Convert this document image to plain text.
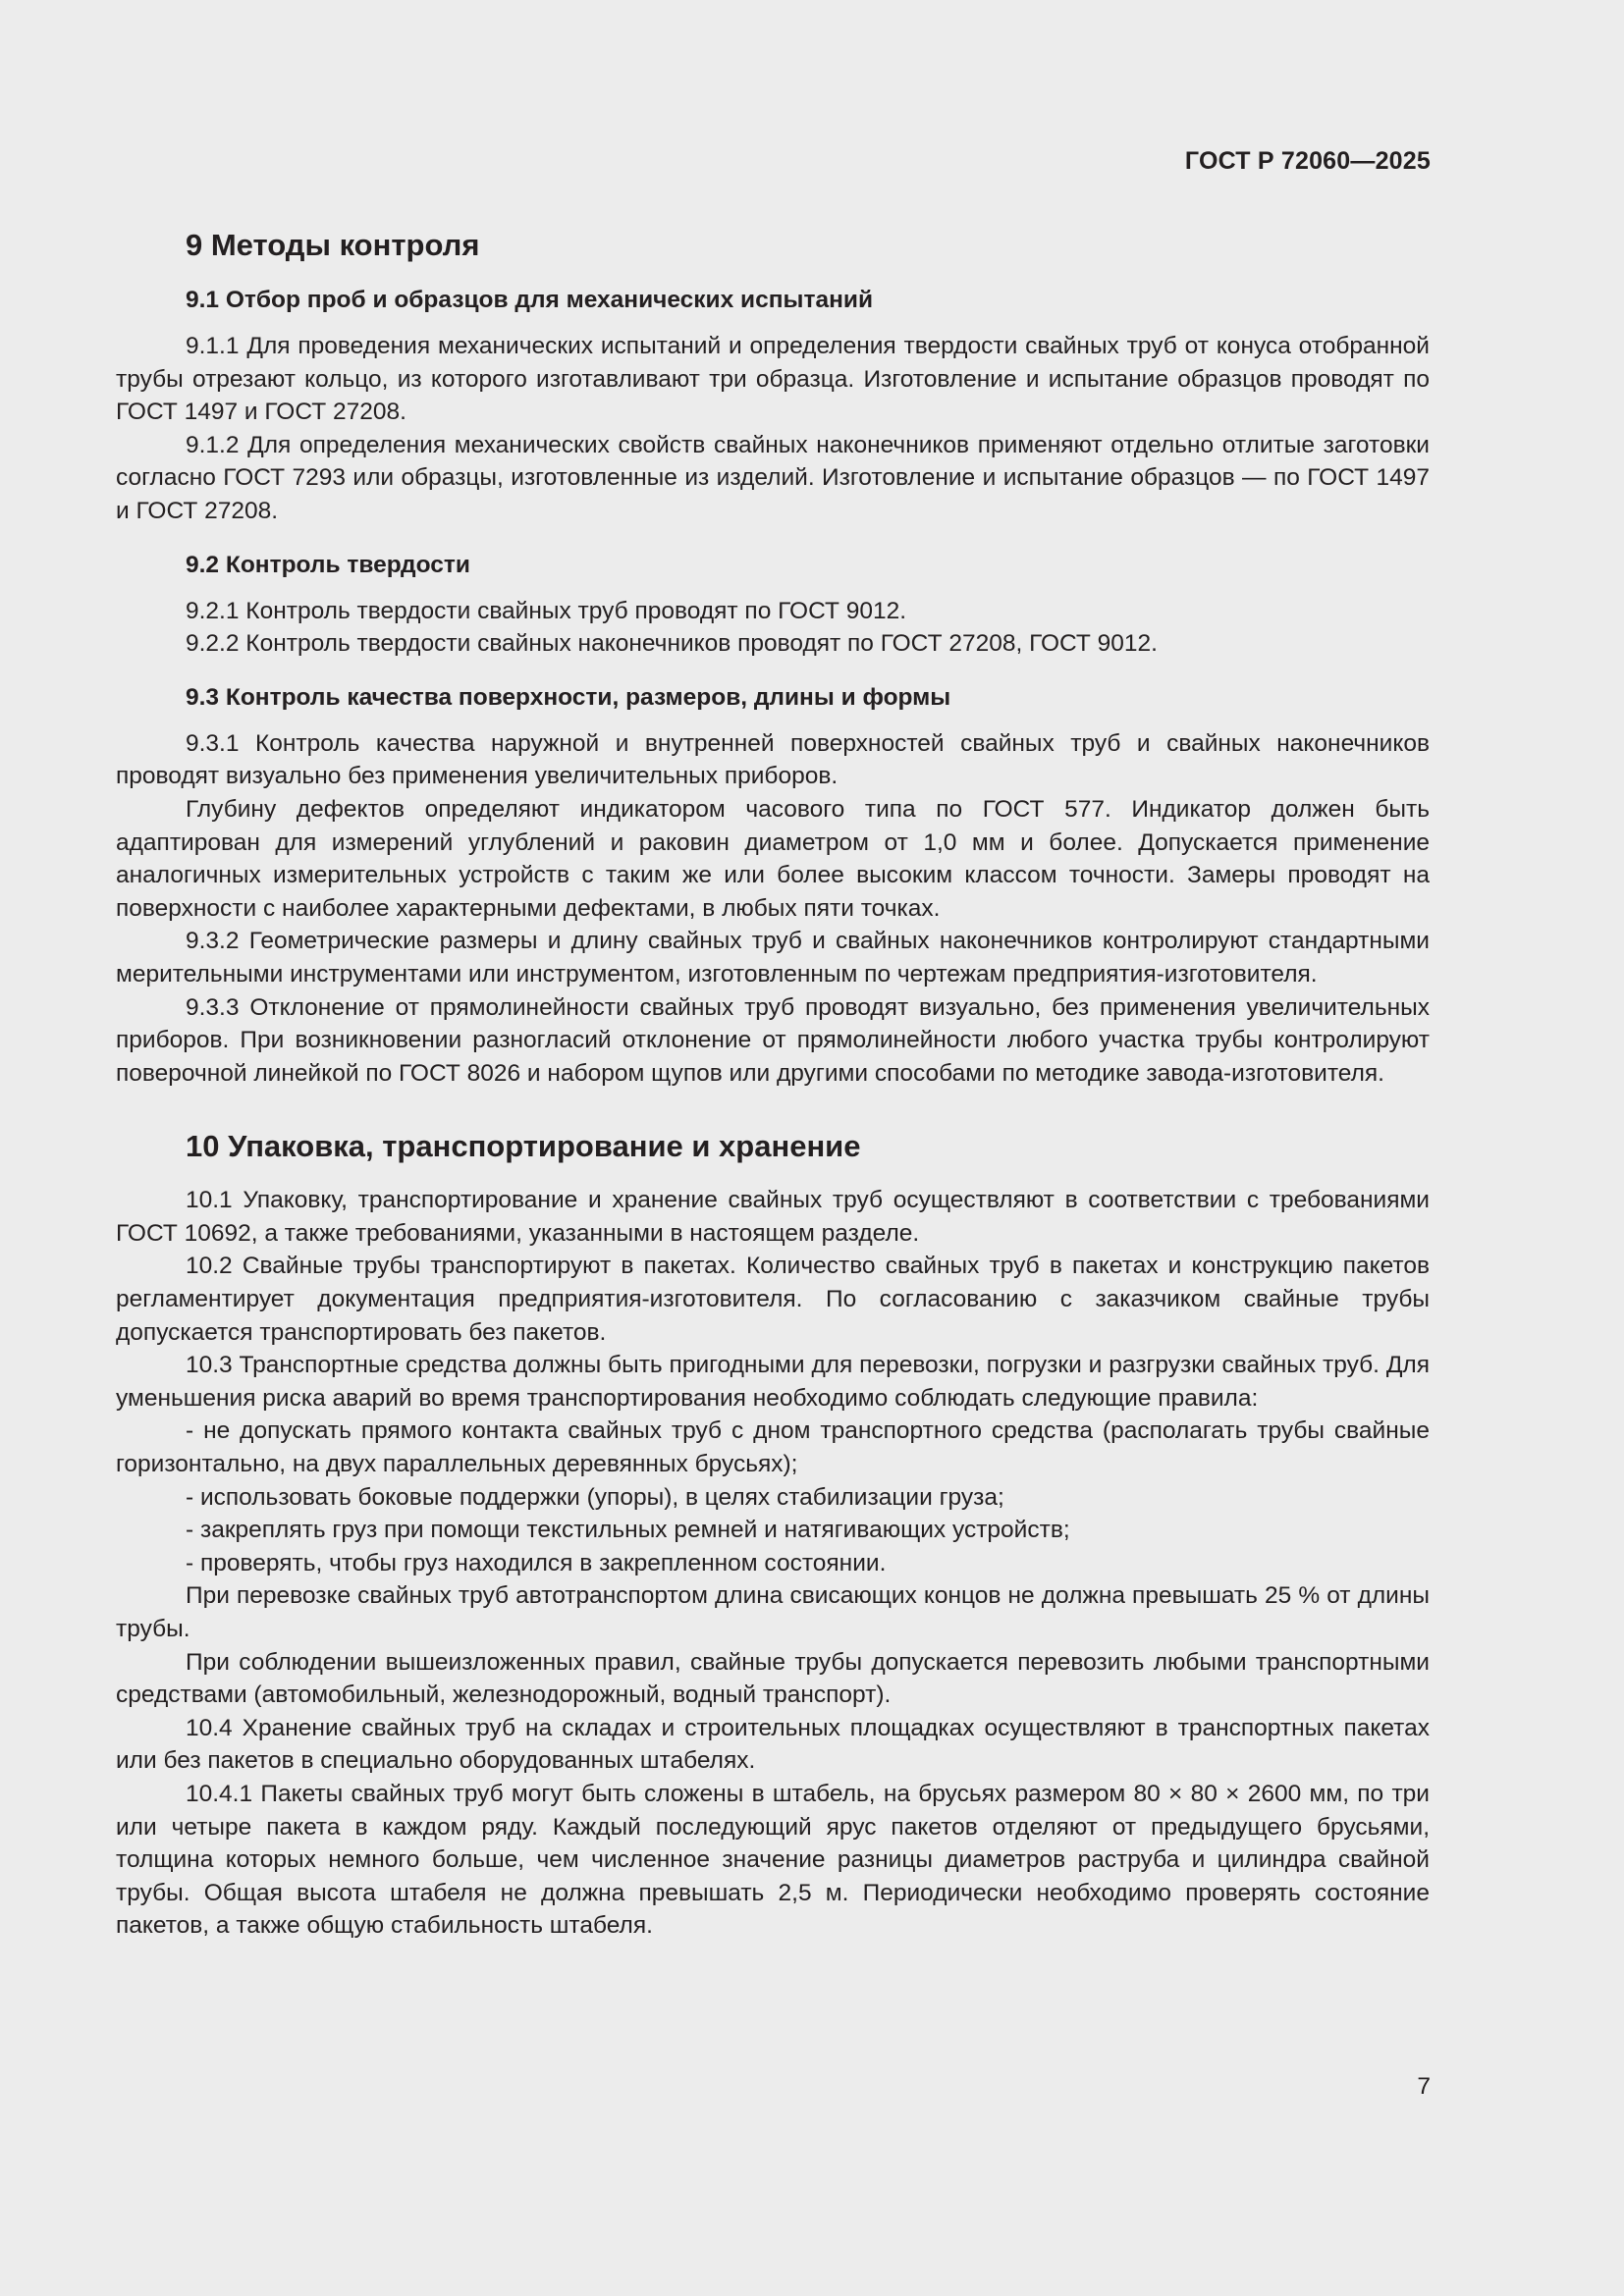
ГОСТ Р 72060—2025
9 Методы контроля
9.1 Отбор проб и образцов для механических испытаний

9.1.1 Для проведения механических испытаний и определения твердости свайных труб от конуса отобранной трубы отрезают кольцо, из которого изготавливают три образца. Изготовление и испытание образцов проводят по ГОСТ 1497 и ГОСТ 27208.

9.1.2 Для определения механических свойств свайных наконечников применяют отдельно отлитые заготовки согласно ГОСТ 7293 или образцы, изготовленные из изделий. Изготовление и испытание образцов — по ГОСТ 1497 и ГОСТ 27208.

9.2 Контроль твердости

9.2.1 Контроль твердости свайных труб проводят по ГОСТ 9012.

9.2.2 Контроль твердости свайных наконечников проводят по ГОСТ 27208, ГОСТ 9012.

9.3 Контроль качества поверхности, размеров, длины и формы

9.3.1 Контроль качества наружной и внутренней поверхностей свайных труб и свайных наконечников проводят визуально без применения увеличительных приборов.

Глубину дефектов определяют индикатором часового типа по ГОСТ 577. Индикатор должен быть адаптирован для измерений углублений и раковин диаметром от 1,0 мм и более. Допускается применение аналогичных измерительных устройств с таким же или более высоким классом точности. Замеры проводят на поверхности с наиболее характерными дефектами, в любых пяти точках.

9.3.2 Геометрические размеры и длину свайных труб и свайных наконечников контролируют стандартными мерительными инструментами или инструментом, изготовленным по чертежам предприятия-изготовителя.

9.3.3 Отклонение от прямолинейности свайных труб проводят визуально, без применения увеличительных приборов. При возникновении разногласий отклонение от прямолинейности любого участка трубы контролируют поверочной линейкой по ГОСТ 8026 и набором щупов или другими способами по методике завода-изготовителя.

10 Упаковка, транспортирование и хранение

10.1 Упаковку, транспортирование и хранение свайных труб осуществляют в соответствии с требованиями ГОСТ 10692, а также требованиями, указанными в настоящем разделе.

10.2 Свайные трубы транспортируют в пакетах. Количество свайных труб в пакетах и конструкцию пакетов регламентирует документация предприятия-изготовителя. По согласованию с заказчиком свайные трубы допускается транспортировать без пакетов.

10.3 Транспортные средства должны быть пригодными для перевозки, погрузки и разгрузки свайных труб. Для уменьшения риска аварий во время транспортирования необходимо соблюдать следующие правила:

- не допускать прямого контакта свайных труб с дном транспортного средства (располагать трубы свайные горизонтально, на двух параллельных деревянных брусьях);

- использовать боковые поддержки (упоры), в целях стабилизации груза;

- закреплять груз при помощи текстильных ремней и натягивающих устройств;

- проверять, чтобы груз находился в закрепленном состоянии.

При перевозке свайных труб автотранспортом длина свисающих концов не должна превышать 25 % от длины трубы.

При соблюдении вышеизложенных правил, свайные трубы допускается перевозить любыми транспортными средствами (автомобильный, железнодорожный, водный транспорт).

10.4 Хранение свайных труб на складах и строительных площадках осуществляют в транспортных пакетах или без пакетов в специально оборудованных штабелях.

10.4.1 Пакеты свайных труб могут быть сложены в штабель, на брусьях размером 80 × 80 × 2600 мм, по три или четыре пакета в каждом ряду. Каждый последующий ярус пакетов отделяют от предыдущего брусьями, толщина которых немного больше, чем численное значение разницы диаметров раструба и цилиндра свайной трубы. Общая высота штабеля не должна превышать 2,5 м. Периодически необходимо проверять состояние пакетов, а также общую стабильность штабеля.

7
